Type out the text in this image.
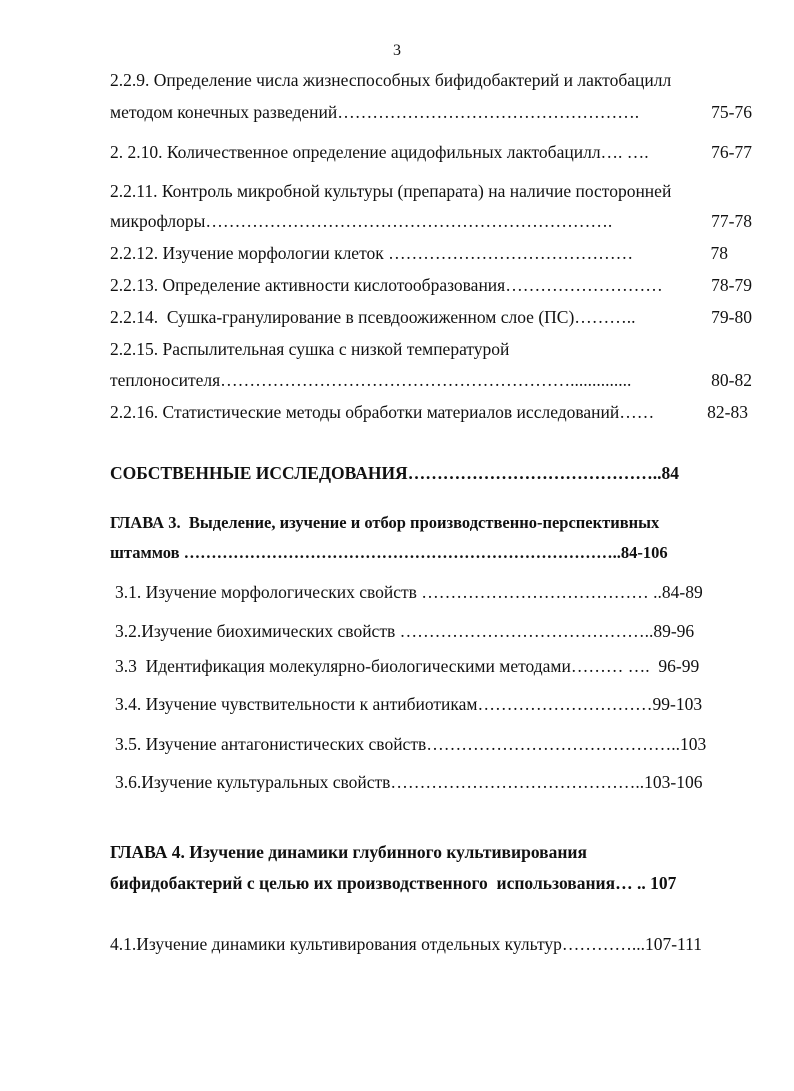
3
2.2.9. Определение числа жизнеспособных бифидобактерий и лактобацилл
методом конечных разведений…………………………………………….	75-76
2. 2.10. Количественное определение ацидофильных лактобацилл…. ….	76-77
2.2.11. Контроль микробной культуры (препарата) на наличие посторонней
микрофлоры…………………………………………………………….	77-78
2.2.12. Изучение морфологии клеток ……………………………………	78
2.2.13. Определение активности кислотообразования………………………	78-79
2.2.14.  Сушка-гранулирование в псевдоожиженном слое (ПС)………..	79-80
2.2.15. Распылительная сушка с низкой температурой
теплоносителя……………………………………………………..............	80-82
2.2.16. Статистические методы обработки материалов исследований……	82-83
СОБСТВЕННЫЕ ИССЛЕДОВАНИЯ……………………………………..84
ГЛАВА 3.  Выделение, изучение и отбор производственно-перспективных
штаммов ……………………………………………………………………..84-106
3.1. Изучение морфологических свойств ………………………………… ..84-89
3.2.Изучение биохимических свойств ……………………………………..89-96
3.3  Идентификация молекулярно-биологическими методами……… ….  96-99
3.4. Изучение чувствительности к антибиотикам…………………………99-103
3.5. Изучение антагонистических свойств……………………………………..103
3.6.Изучение культуральных свойств……………………………………..103-106
ГЛАВА 4. Изучение динамики глубинного культивирования
бифидобактерий с целью их производственного  использования… .. 107
4.1.Изучение динамики культивирования отдельных культур…………...107-111
